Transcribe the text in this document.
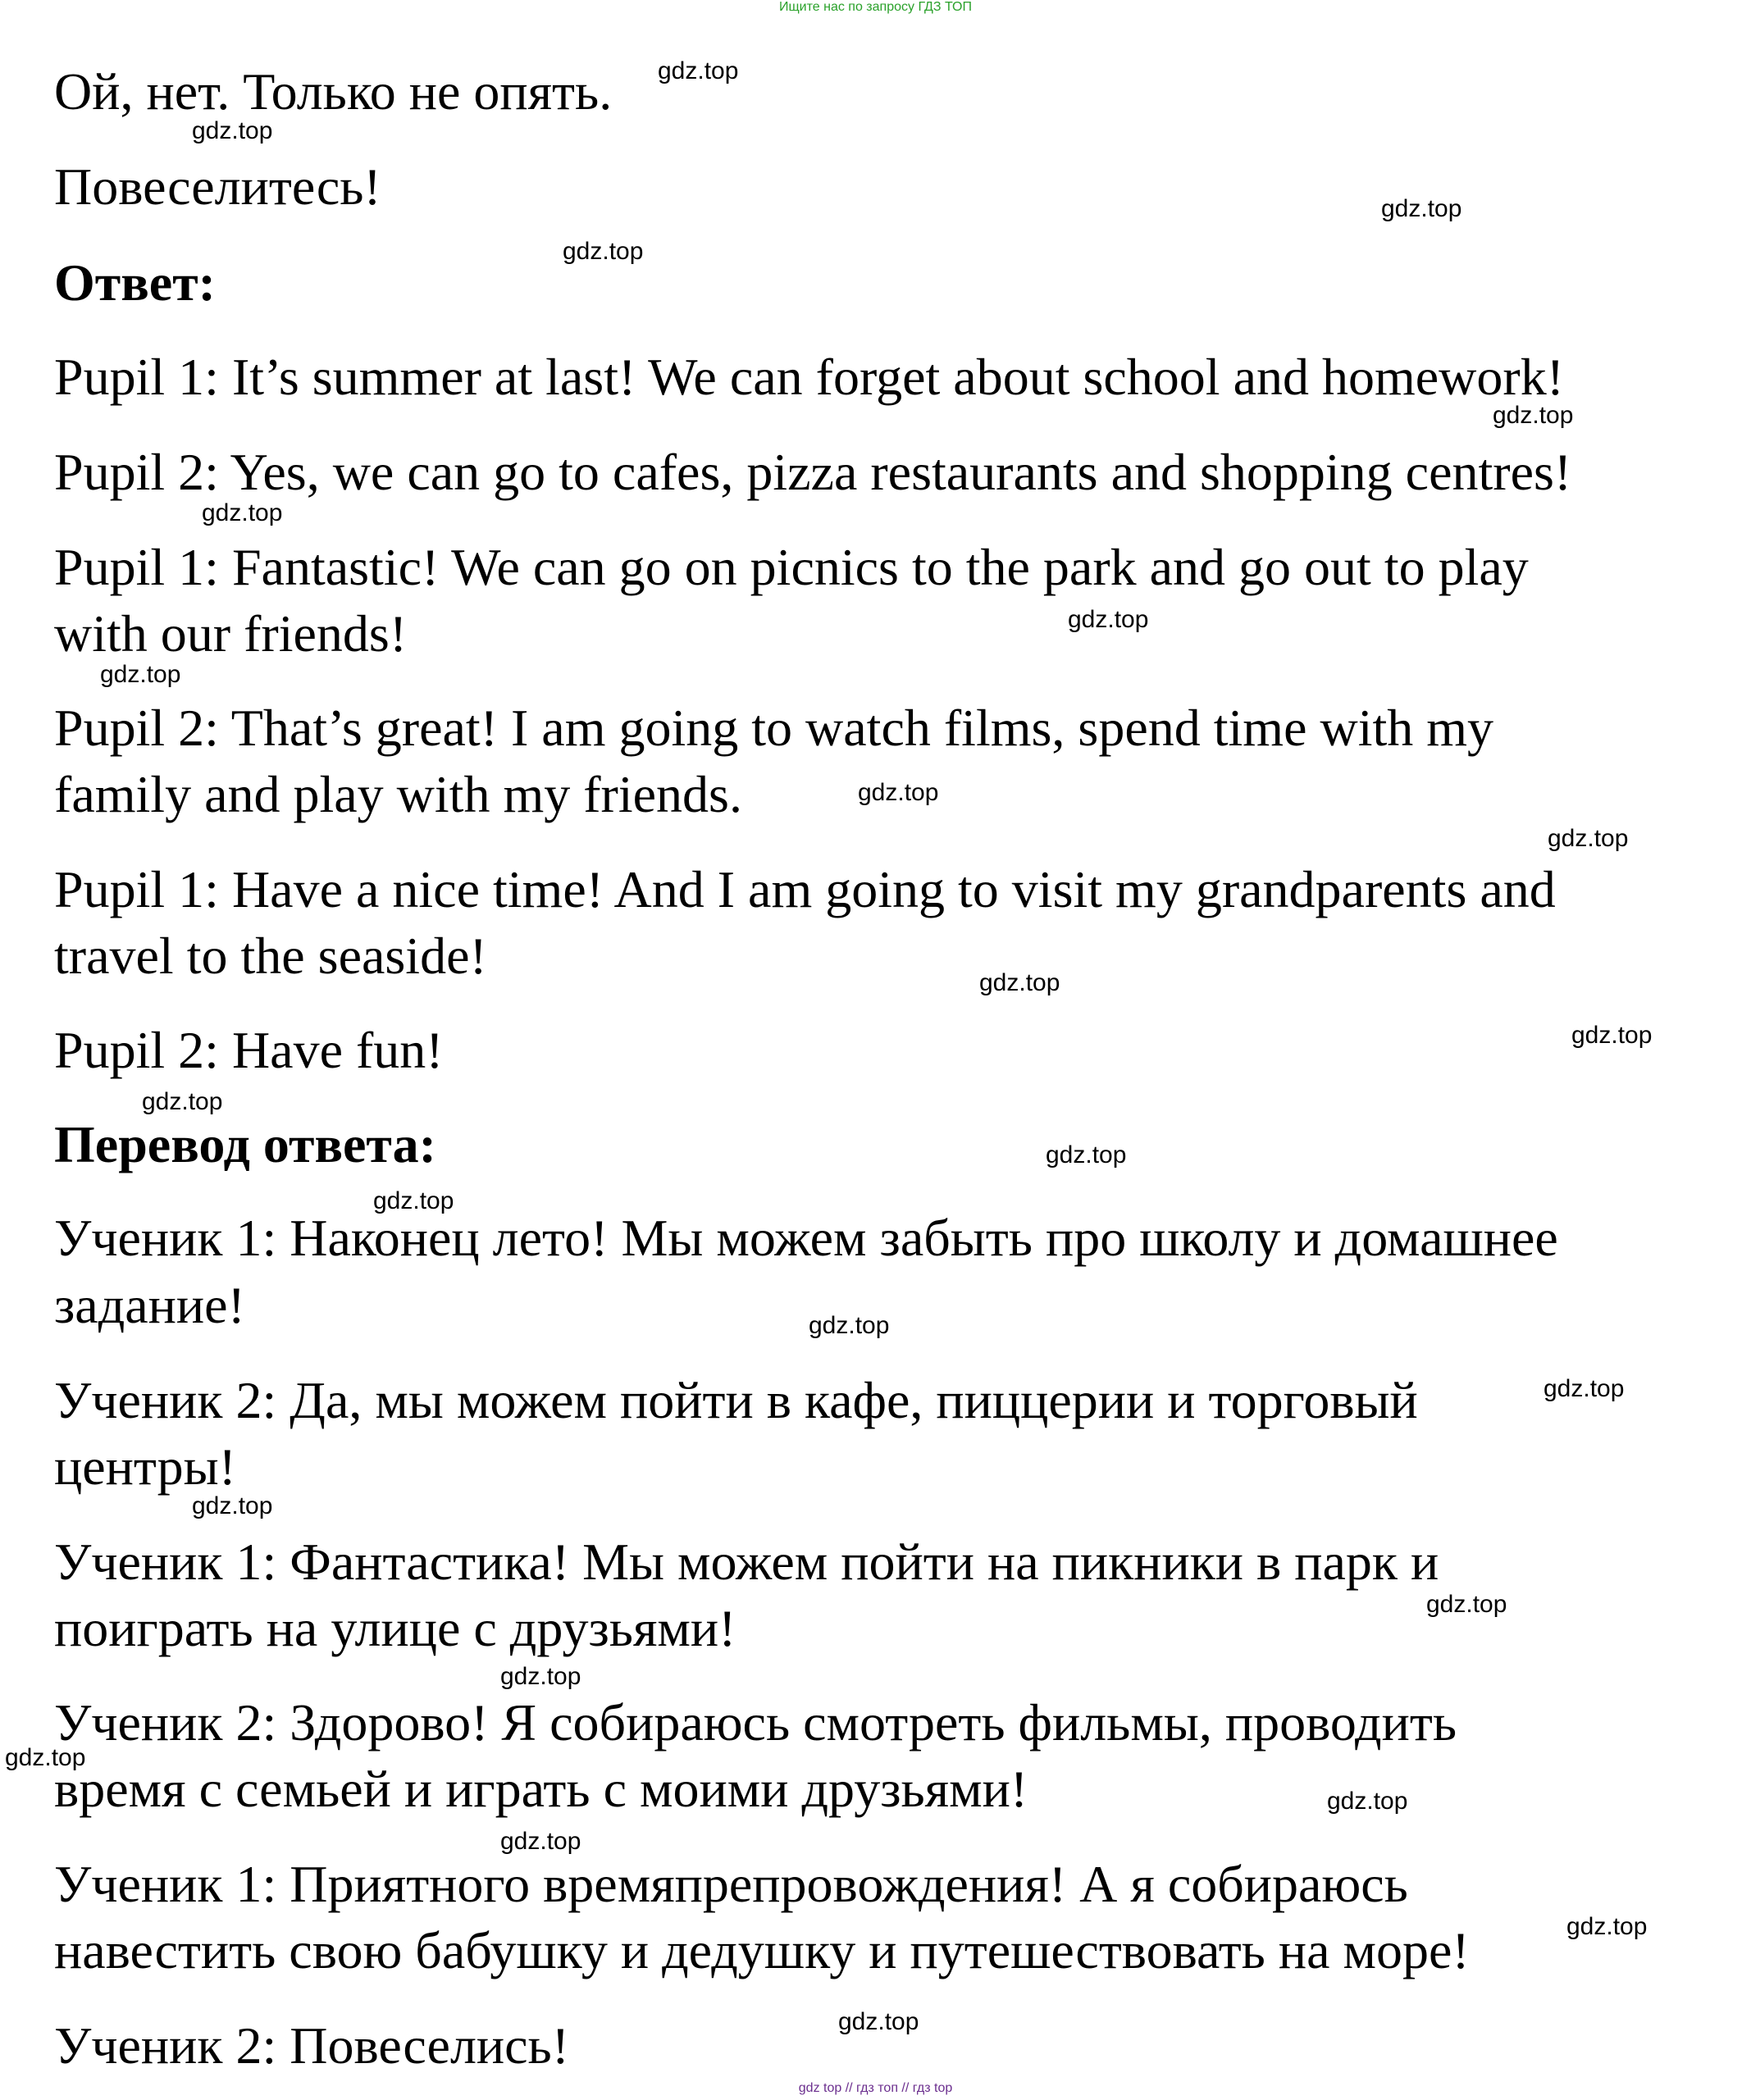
Ищите нас по запросу ГДЗ ТОП
Ой, нет. Только не опять.
Повеселитесь!
Ответ:
Pupil 1: It’s summer at last! We can forget about school and homework!
Pupil 2: Yes, we can go to cafes, pizza restaurants and shopping centres!
Pupil 1: Fantastic! We can go on picnics to the park and go out to play
with our friends!
Pupil 2: That’s great! I am going to watch films, spend time with my
family and play with my friends.
Pupil 1: Have a nice time! And I am going to visit my grandparents and
travel to the seaside!
Pupil 2: Have fun!
Перевод ответа:
Ученик 1: Наконец лето! Мы можем забыть про школу и домашнее
задание!
Ученик 2: Да, мы можем пойти в кафе, пиццерии и торговый
центры!
Ученик 1: Фантастика! Мы можем пойти на пикники в парк и
поиграть на улице с друзьями!
Ученик 2: Здорово! Я собираюсь смотреть фильмы, проводить
время с семьей и играть с моими друзьями!
Ученик 1: Приятного времяпрепровождения! А я собираюсь
навестить свою бабушку и дедушку и путешествовать на море!
Ученик 2: Повеселись!
gdz.top
gdz.top
gdz.top
gdz.top
gdz.top
gdz.top
gdz.top
gdz.top
gdz.top
gdz.top
gdz.top
gdz.top
gdz.top
gdz.top
gdz.top
gdz.top
gdz.top
gdz.top
gdz.top
gdz.top
gdz.top
gdz.top
gdz.top
gdz.top
gdz.top
gdz top // гдз топ // гдз top
